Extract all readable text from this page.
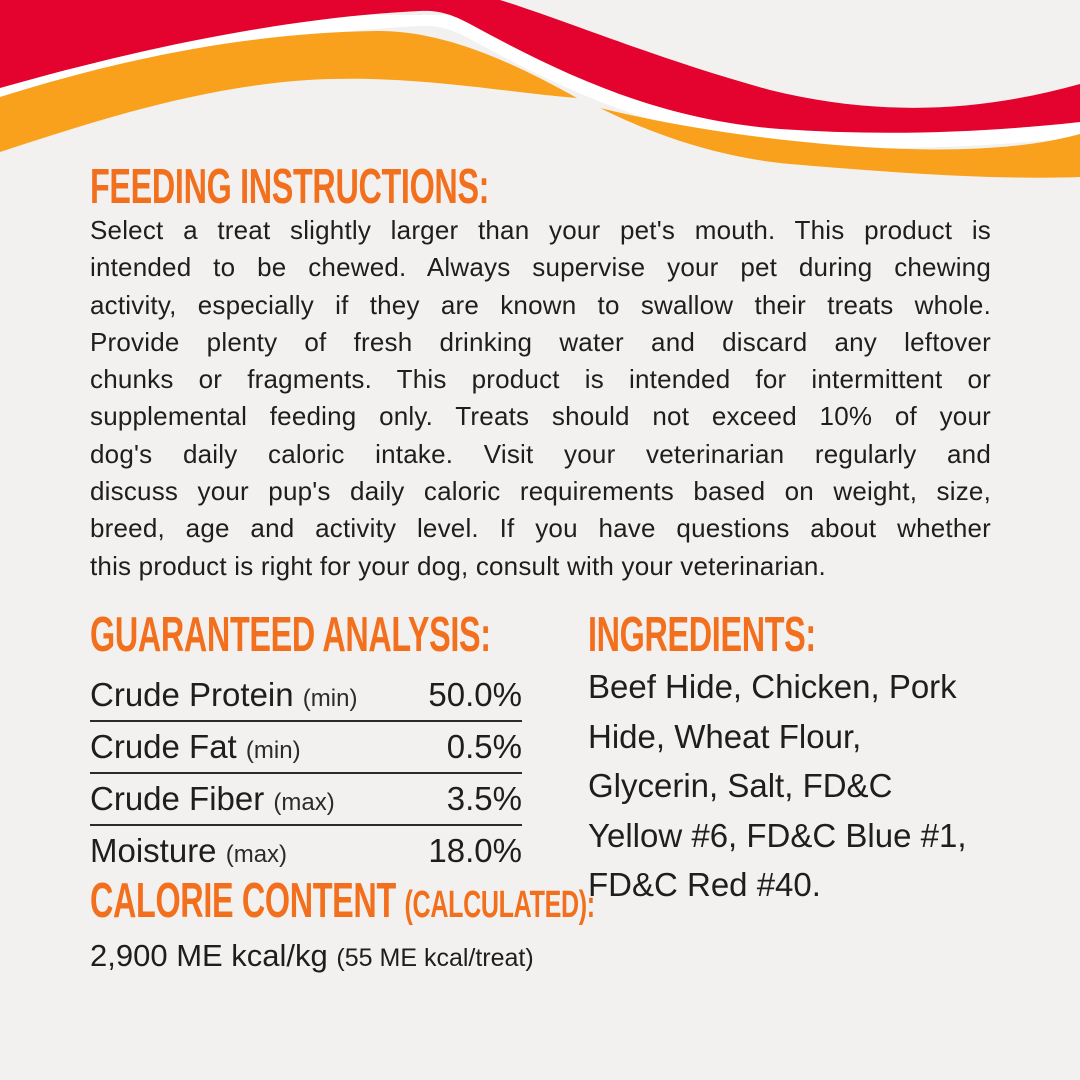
FEEDING INSTRUCTIONS:
Select a treat slightly larger than your pet's mouth. This product is
intended to be chewed. Always supervise your pet during chewing
activity, especially if they are known to swallow their treats whole.
Provide plenty of fresh drinking water and discard any leftover
chunks or fragments. This product is intended for intermittent or
supplemental feeding only. Treats should not exceed 10% of your
dog's daily caloric intake. Visit your veterinarian regularly and
discuss your pup's daily caloric requirements based on weight, size,
breed, age and activity level. If you have questions about whether
this product is right for your dog, consult with your veterinarian.
GUARANTEED ANALYSIS:
Crude Protein (min) 50.0%
Crude Fat (min)	0.5%
Crude Fiber (max)	3.5%
Moisture (max)	18.0%
CALORIE CONTENT (CALCULATED):
2,900 ME kcal/kg (55 ME kcal/treat)
INGREDIENTS:
Beef Hide, Chicken, Pork
Hide, Wheat Flour,
Glycerin, Salt, FD&C
Yellow #6, FD&C Blue #1,
FD&C Red #40.
